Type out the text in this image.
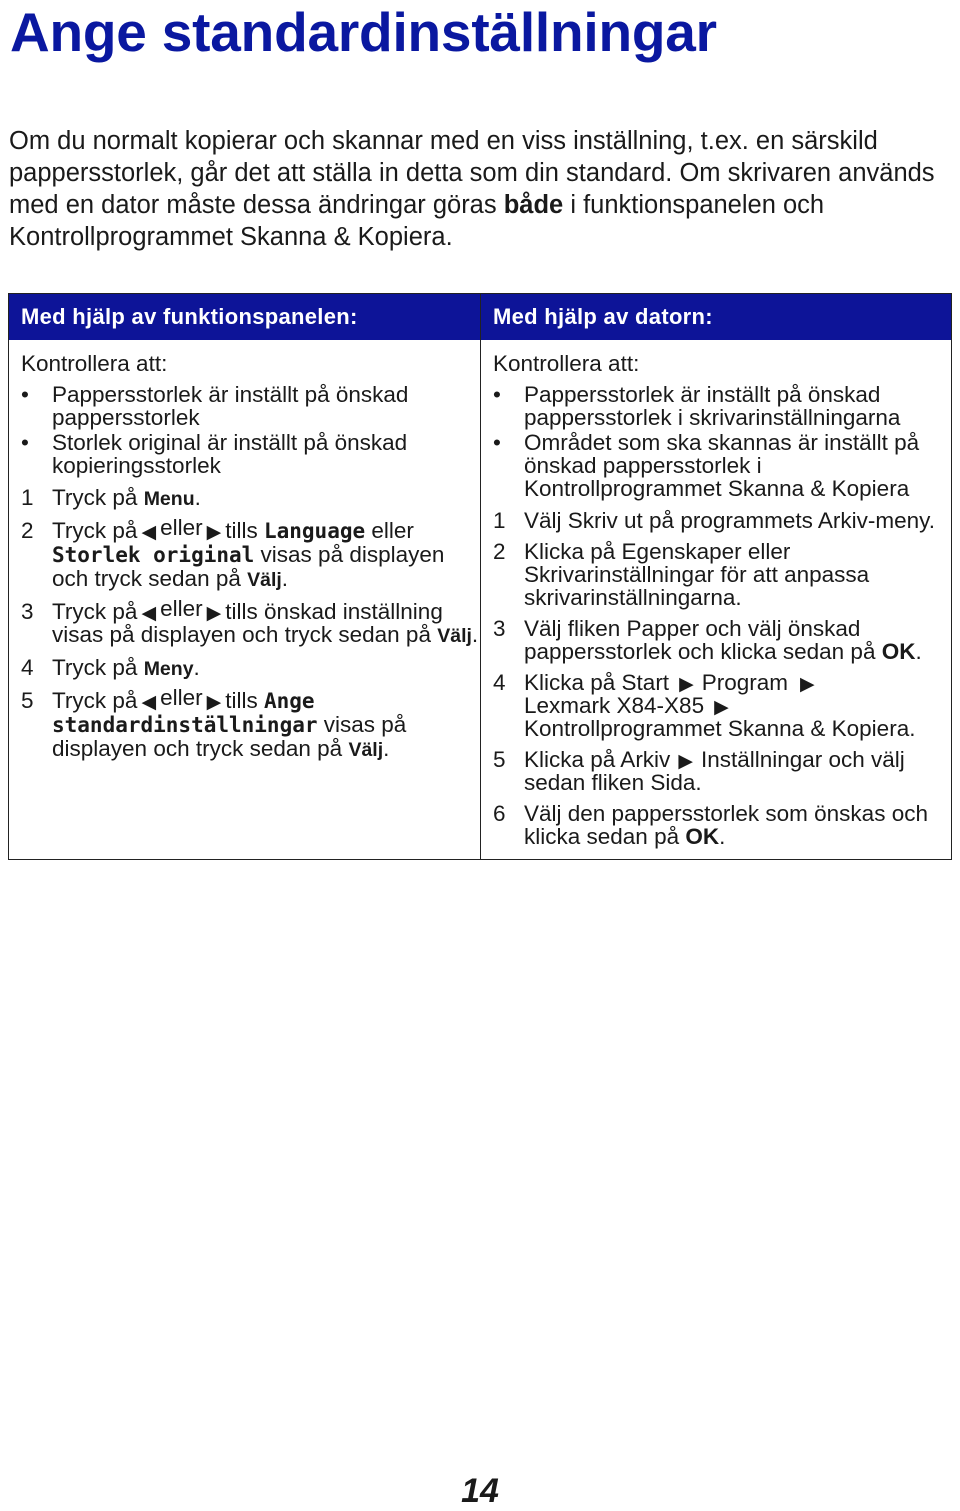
Ange standardinställningar

Om du normalt kopierar och skannar med en viss inställning, t.ex. en särskild pappersstorlek, går det att ställa in detta som din standard. Om skrivaren används med en dator måste dessa ändringar göras både i funktionspanelen och Kontrollprogrammet Skanna & Kopiera.

Med hjälp av funktionspanelen:
Kontrollera att:
• Pappersstorlek är inställt på önskad pappersstorlek
• Storlek original är inställt på önskad kopieringsstorlek
1 Tryck på Menu.
2 Tryck på ◀ eller ▶ tills Language eller Storlek original visas på displayen och tryck sedan på Välj.
3 Tryck på ◀ eller ▶ tills önskad inställning visas på displayen och tryck sedan på Välj.
4 Tryck på Meny.
5 Tryck på ◀ eller ▶ tills Ange standardinställningar visas på displayen och tryck sedan på Välj.
Med hjälp av datorn:
Kontrollera att:
• Pappersstorlek är inställt på önskad pappersstorlek i skrivarinställningarna
• Området som ska skannas är inställt på önskad pappersstorlek i Kontrollprogrammet Skanna & Kopiera
1 Välj Skriv ut på programmets Arkiv-meny.
2 Klicka på Egenskaper eller Skrivarinställningar för att anpassa skrivarinställningarna.
3 Välj fliken Papper och välj önskad pappersstorlek och klicka sedan på OK.
4 Klicka på Start ▶ Program ▶
Lexmark X84-X85 ▶
Kontrollprogrammet Skanna & Kopiera.
5 Klicka på Arkiv ▶ Inställningar och välj sedan fliken Sida.
6 Välj den pappersstorlek som önskas och klicka sedan på OK.
14
